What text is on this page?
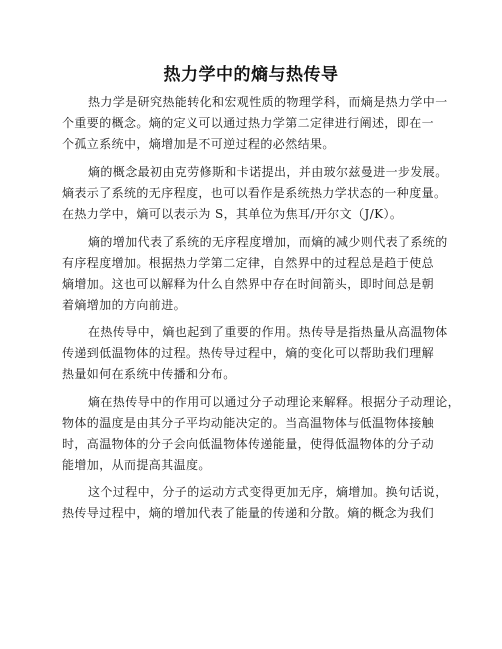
热力学中的熵与热传导
热力学是研究热能转化和宏观性质的物理学科，而熵是热力学中一
个重要的概念。熵的定义可以通过热力学第二定律进行阐述，即在一
个孤立系统中，熵增加是不可逆过程的必然结果。
熵的概念最初由克劳修斯和卡诺提出，并由玻尔兹曼进一步发展。
熵表示了系统的无序程度，也可以看作是系统热力学状态的一种度量。
在热力学中，熵可以表示为 S，其单位为焦耳/开尔文（J/K）。
熵的增加代表了系统的无序程度增加，而熵的减少则代表了系统的
有序程度增加。根据热力学第二定律，自然界中的过程总是趋于使总
熵增加。这也可以解释为什么自然界中存在时间箭头，即时间总是朝
着熵增加的方向前进。
在热传导中，熵也起到了重要的作用。热传导是指热量从高温物体
传递到低温物体的过程。热传导过程中，熵的变化可以帮助我们理解
热量如何在系统中传播和分布。
熵在热传导中的作用可以通过分子动理论来解释。根据分子动理论，
物体的温度是由其分子平均动能决定的。当高温物体与低温物体接触
时，高温物体的分子会向低温物体传递能量，使得低温物体的分子动
能增加，从而提高其温度。
这个过程中，分子的运动方式变得更加无序，熵增加。换句话说，
热传导过程中，熵的增加代表了能量的传递和分散。熵的概念为我们
